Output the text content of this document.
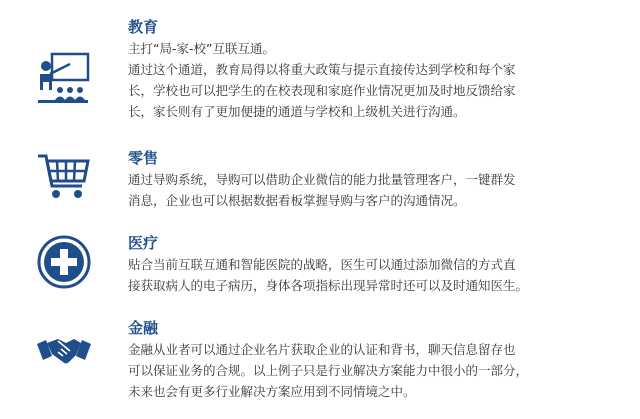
教育

主打“局-家-校”互联互通。

通过这个通道，教育局得以将重大政策与提示直接传达到学校和每个家

长，学校也可以把学生的在校表现和家庭作业情况更加及时地反馈给家

长，家长则有了更加便捷的通道与学校和上级机关进行沟通。

零售

通过导购系统，导购可以借助企业微信的能力批量管理客户，一键群发

消息，企业也可以根据数据看板掌握导购与客户的沟通情况。

医疗

贴合当前互联互通和智能医院的战略，医生可以通过添加微信的方式直

接获取病人的电子病历，身体各项指标出现异常时还可以及时通知医生。

金融

金融从业者可以通过企业名片获取企业的认证和背书，聊天信息留存也

可以保证业务的合规。以上例子只是行业解决方案能力中很小的一部分，

未来也会有更多行业解决方案应用到不同情境之中。
